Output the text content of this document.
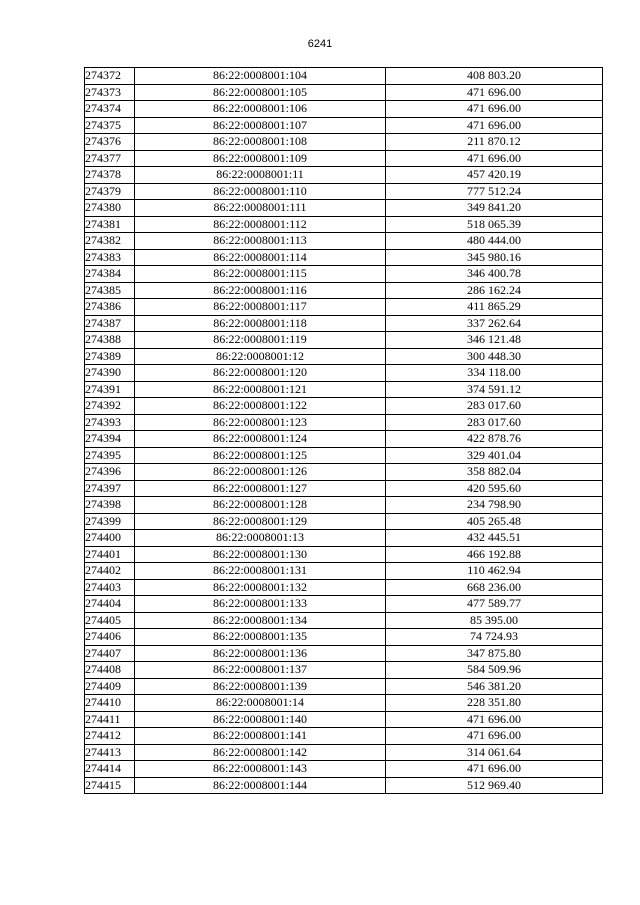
6241
274372	86:22:0008001:104	408 803.20
274373	86:22:0008001:105	471 696.00
274374	86:22:0008001:106	471 696.00
274375	86:22:0008001:107	471 696.00
274376	86:22:0008001:108	211 870.12
274377	86:22:0008001:109	471 696.00
274378	86:22:0008001:11	457 420.19
274379	86:22:0008001:110	777 512.24
274380	86:22:0008001:111	349 841.20
274381	86:22:0008001:112	518 065.39
274382	86:22:0008001:113	480 444.00
274383	86:22:0008001:114	345 980.16
274384	86:22:0008001:115	346 400.78
274385	86:22:0008001:116	286 162.24
274386	86:22:0008001:117	411 865.29
274387	86:22:0008001:118	337 262.64
274388	86:22:0008001:119	346 121.48
274389	86:22:0008001:12	300 448.30
274390	86:22:0008001:120	334 118.00
274391	86:22:0008001:121	374 591.12
274392	86:22:0008001:122	283 017.60
274393	86:22:0008001:123	283 017.60
274394	86:22:0008001:124	422 878.76
274395	86:22:0008001:125	329 401.04
274396	86:22:0008001:126	358 882.04
274397	86:22:0008001:127	420 595.60
274398	86:22:0008001:128	234 798.90
274399	86:22:0008001:129	405 265.48
274400	86:22:0008001:13	432 445.51
274401	86:22:0008001:130	466 192.88
274402	86:22:0008001:131	110 462.94
274403	86:22:0008001:132	668 236.00
274404	86:22:0008001:133	477 589.77
274405	86:22:0008001:134	85 395.00
274406	86:22:0008001:135	74 724.93
274407	86:22:0008001:136	347 875.80
274408	86:22:0008001:137	584 509.96
274409	86:22:0008001:139	546 381.20
274410	86:22:0008001:14	228 351.80
274411	86:22:0008001:140	471 696.00
274412	86:22:0008001:141	471 696.00
274413	86:22:0008001:142	314 061.64
274414	86:22:0008001:143	471 696.00
274415	86:22:0008001:144	512 969.40
